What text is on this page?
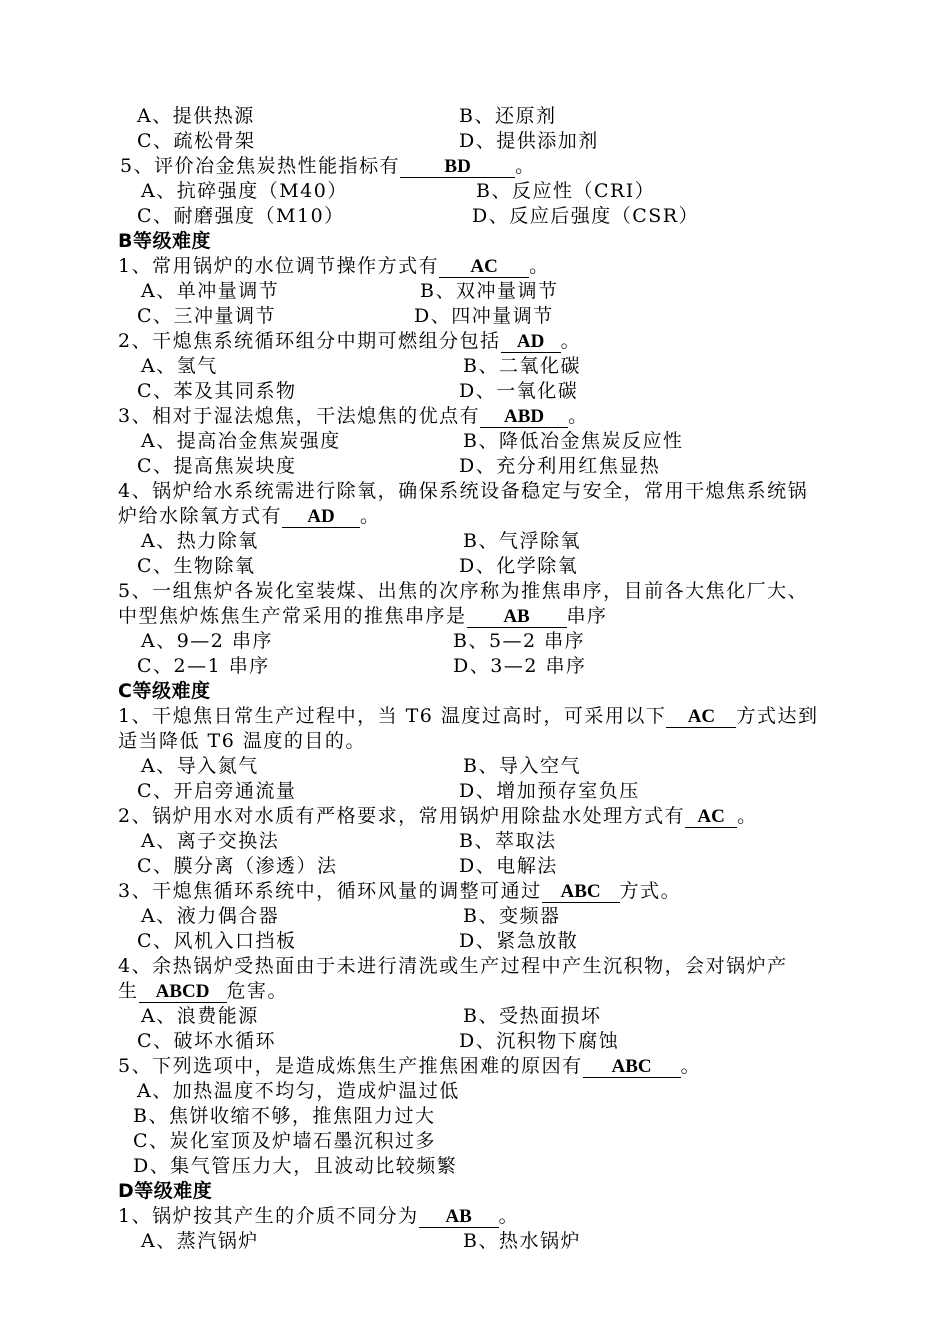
A、提供热源	B、还原剂
C、疏松骨架	D、提供添加剂
5、评价冶金焦炭热性能指标有 BD 。
A、抗碎强度（M40）	B、反应性（CRI）
C、耐磨强度（M10）	D、反应后强度（CSR）
B等级难度
1、常用锅炉的水位调节操作方式有 AC 。
A、单冲量调节	B、双冲量调节
C、三冲量调节	D、四冲量调节
2、干熄焦系统循环组分中期可燃组分包括 AD 。
A、氢气	B、二氧化碳
C、苯及其同系物	D、一氧化碳
3、相对于湿法熄焦，干法熄焦的优点有 ABD 。
A、提高冶金焦炭强度	B、降低冶金焦炭反应性
C、提高焦炭块度	D、充分利用红焦显热
4、锅炉给水系统需进行除氧，确保系统设备稳定与安全，常用干熄焦系统锅
炉给水除氧方式有 AD 。
A、热力除氧	B、气浮除氧
C、生物除氧	D、化学除氧
5、一组焦炉各炭化室装煤、出焦的次序称为推焦串序，目前各大焦化厂大、
中型焦炉炼焦生产常采用的推焦串序是 AB 串序
A、9—2 串序	B、5—2 串序
C、2—1 串序	D、3—2 串序
C等级难度
1、干熄焦日常生产过程中，当 T6 温度过高时，可采用以下 AC 方式达到
适当降低 T6 温度的目的。
A、导入氮气	B、导入空气
C、开启旁通流量	D、增加预存室负压
2、锅炉用水对水质有严格要求，常用锅炉用除盐水处理方式有 AC 。
A、离子交换法	B、萃取法
C、膜分离（渗透）法	D、电解法
3、干熄焦循环系统中，循环风量的调整可通过 ABC 方式。
A、液力偶合器	B、变频器
C、风机入口挡板	D、紧急放散
4、余热锅炉受热面由于未进行清洗或生产过程中产生沉积物，会对锅炉产
生 ABCD 危害。
A、浪费能源	B、受热面损坏
C、破坏水循环	D、沉积物下腐蚀
5、下列选项中，是造成炼焦生产推焦困难的原因有 ABC 。
A、加热温度不均匀，造成炉温过低
B、焦饼收缩不够，推焦阻力过大
C、炭化室顶及炉墙石墨沉积过多
D、集气管压力大，且波动比较频繁
D等级难度
1、锅炉按其产生的介质不同分为 AB 。
A、蒸汽锅炉	B、热水锅炉
